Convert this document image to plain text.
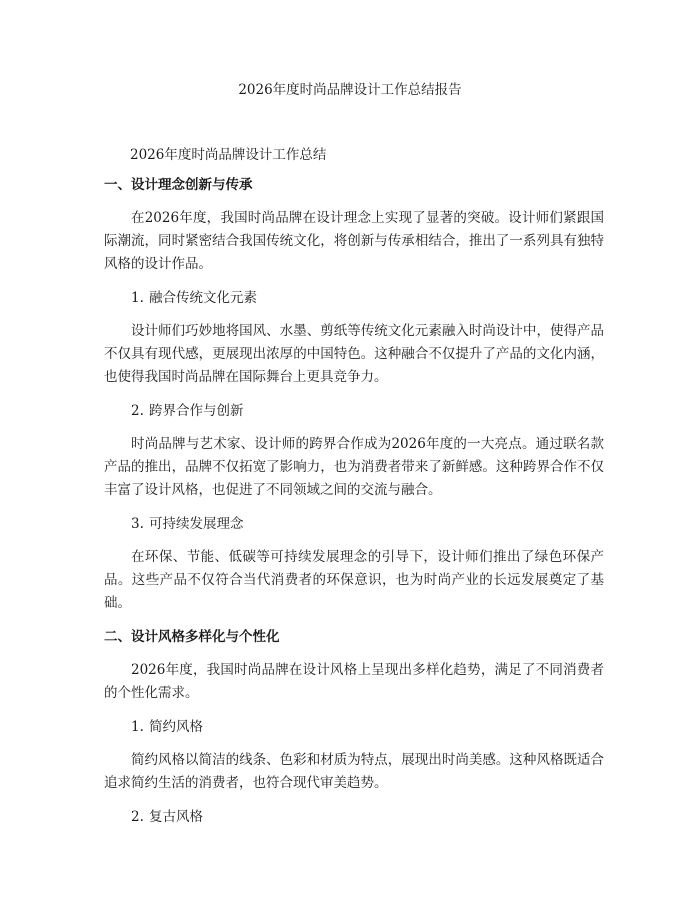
2026年度时尚品牌设计工作总结报告
2026年度时尚品牌设计工作总结
一、设计理念创新与传承
在2026年度，我国时尚品牌在设计理念上实现了显著的突破。设计师们紧跟国际潮流，同时紧密结合我国传统文化，将创新与传承相结合，推出了一系列具有独特风格的设计作品。
1. 融合传统文化元素
设计师们巧妙地将国风、水墨、剪纸等传统文化元素融入时尚设计中，使得产品不仅具有现代感，更展现出浓厚的中国特色。这种融合不仅提升了产品的文化内涵，也使得我国时尚品牌在国际舞台上更具竞争力。
2. 跨界合作与创新
时尚品牌与艺术家、设计师的跨界合作成为2026年度的一大亮点。通过联名款产品的推出，品牌不仅拓宽了影响力，也为消费者带来了新鲜感。这种跨界合作不仅丰富了设计风格，也促进了不同领域之间的交流与融合。
3. 可持续发展理念
在环保、节能、低碳等可持续发展理念的引导下，设计师们推出了绿色环保产品。这些产品不仅符合当代消费者的环保意识，也为时尚产业的长远发展奠定了基础。
二、设计风格多样化与个性化
2026年度，我国时尚品牌在设计风格上呈现出多样化趋势，满足了不同消费者的个性化需求。
1. 简约风格
简约风格以简洁的线条、色彩和材质为特点，展现出时尚美感。这种风格既适合追求简约生活的消费者，也符合现代审美趋势。
2. 复古风格
